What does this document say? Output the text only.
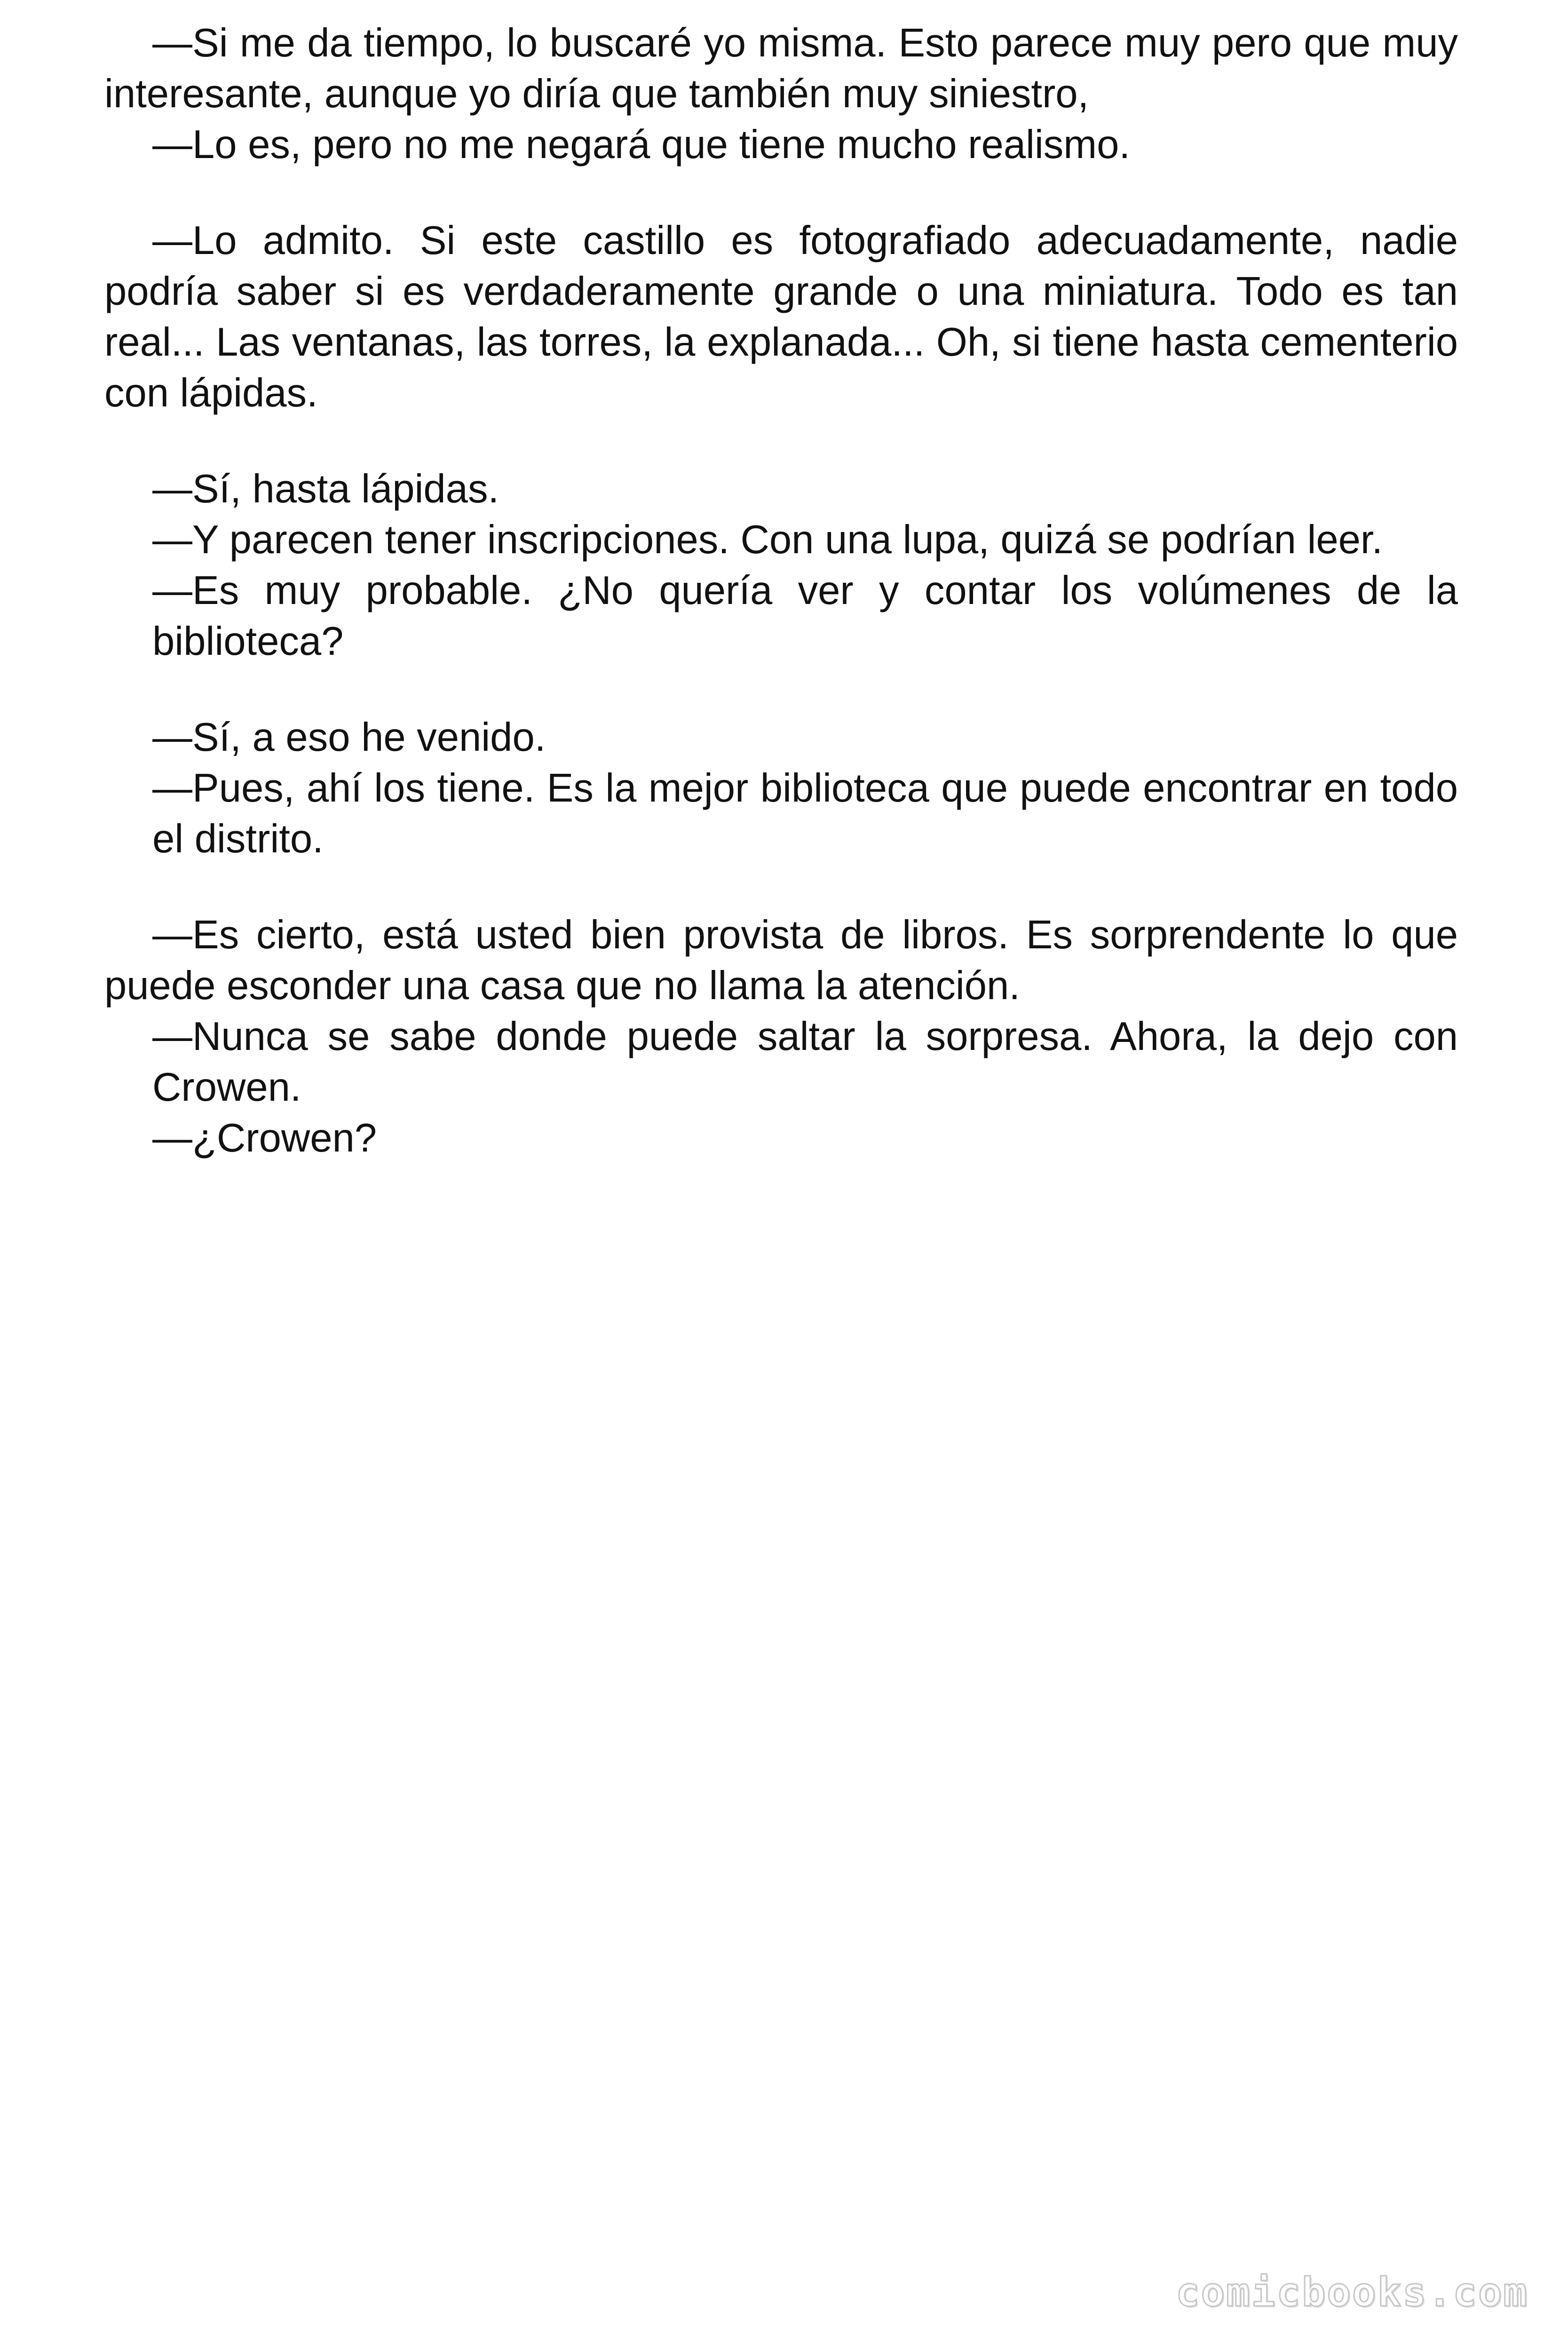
—Si me da tiempo, lo buscaré yo misma. Esto parece muy pero que muy interesante, aunque yo diría que también muy siniestro,

—Lo es, pero no me negará que tiene mucho realismo.

—Lo admito. Si este castillo es fotografiado adecuadamente, nadie podría saber si es verdaderamente grande o una miniatura. Todo es tan real... Las ventanas, las torres, la explanada... Oh, si tiene hasta cementerio con lápidas.

—Sí, hasta lápidas.

—Y parecen tener inscripciones. Con una lupa, quizá se podrían leer.

—Es muy probable. ¿No quería ver y contar los volúmenes de la biblioteca?

—Sí, a eso he venido.

—Pues, ahí los tiene. Es la mejor biblioteca que puede encontrar en todo el distrito.

—Es cierto, está usted bien provista de libros. Es sorprendente lo que puede esconder una casa que no llama la atención.

—Nunca se sabe donde puede saltar la sorpresa. Ahora, la dejo con Crowen.

—¿Crowen?

comicbooks.com
